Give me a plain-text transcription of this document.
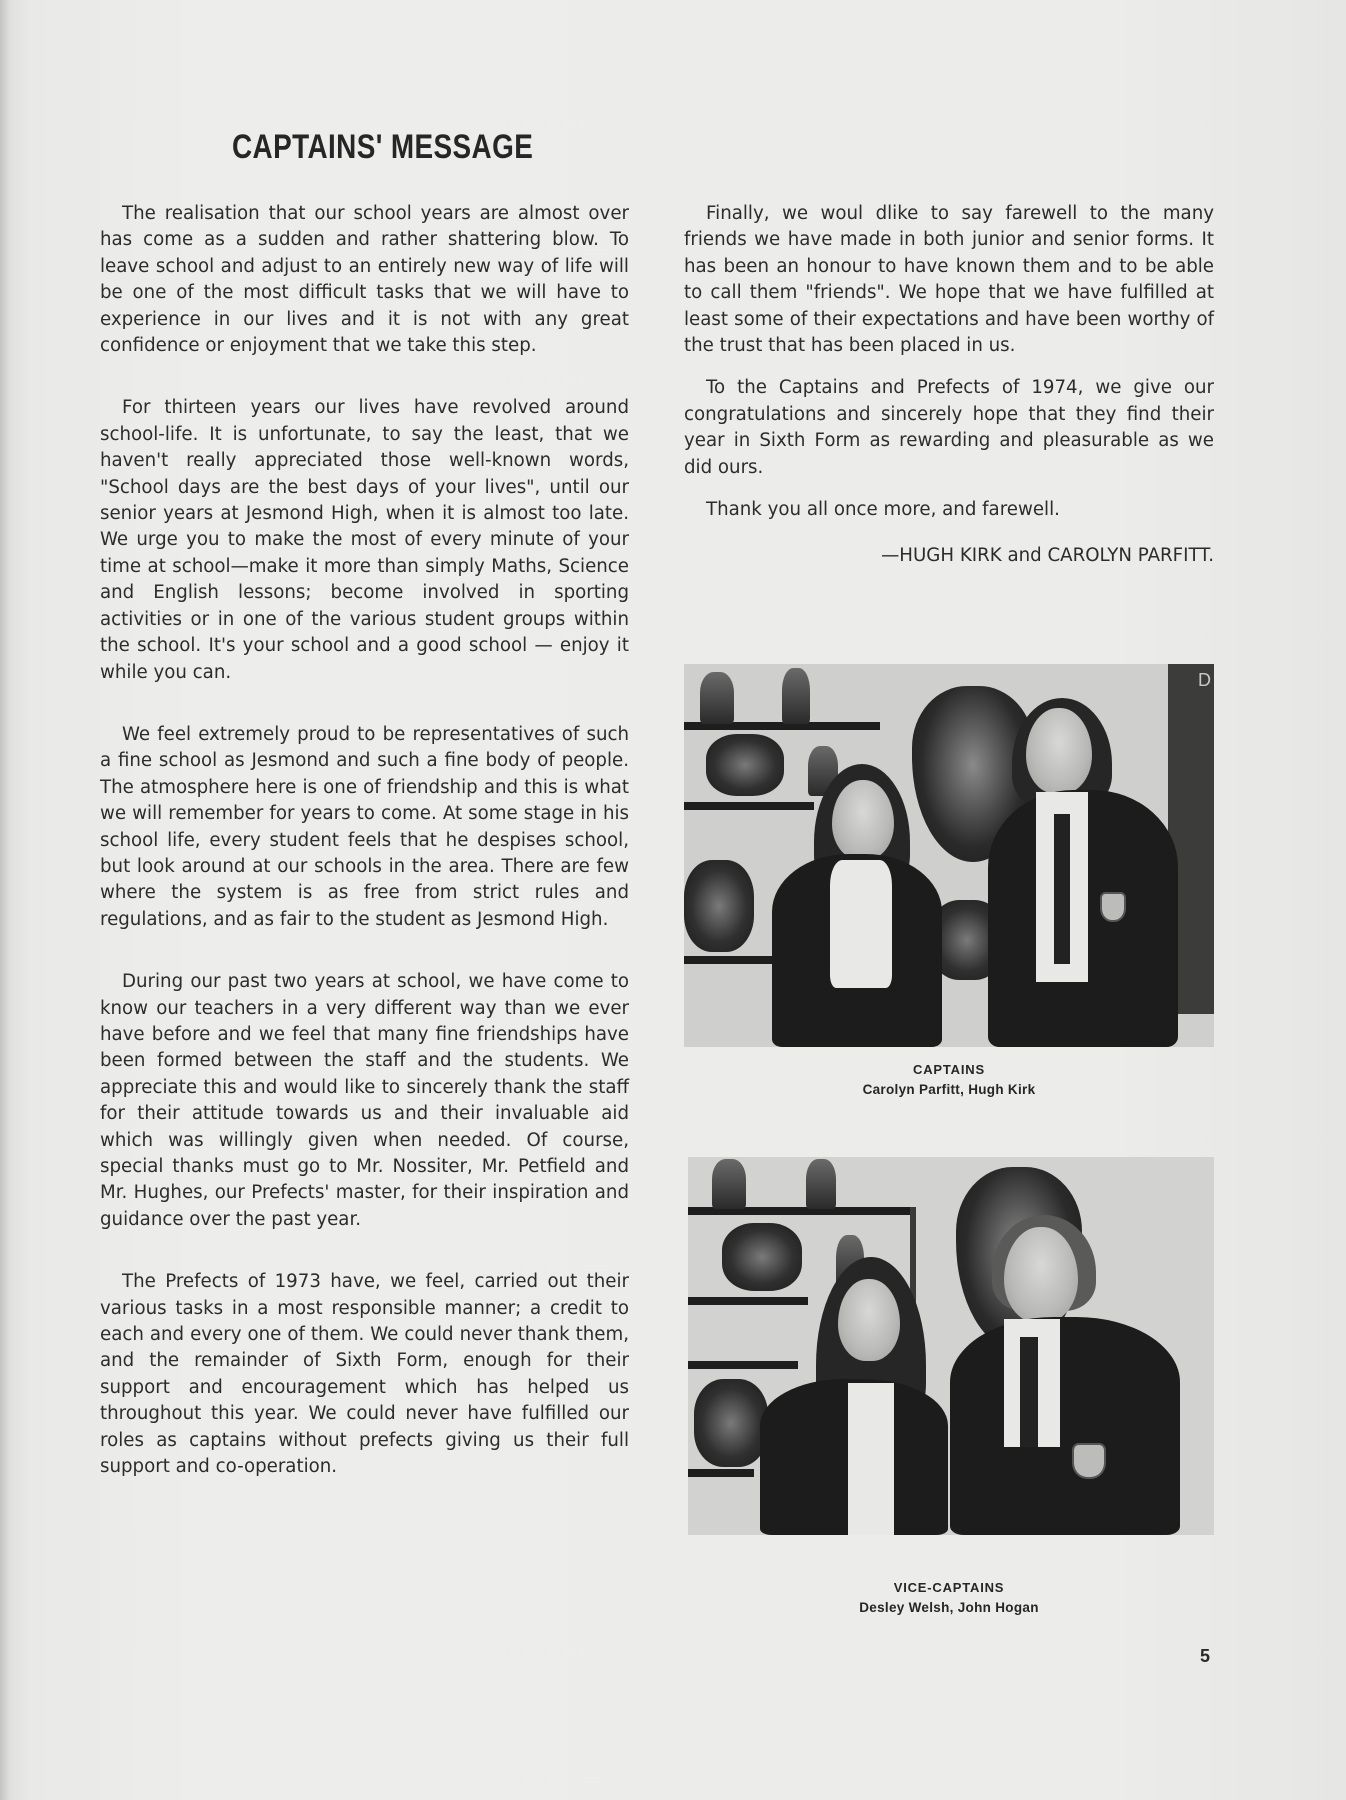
CAPTAINS' MESSAGE

The realisation that our school years are almost over has come as a sudden and rather shattering blow. To leave school and adjust to an entirely new way of life will be one of the most difficult tasks that we will have to experience in our lives and it is not with any great confidence or enjoyment that we take this step.

For thirteen years our lives have revolved around school-life. It is unfortunate, to say the least, that we haven't really appreciated those well-known words, "School days are the best days of your lives", until our senior years at Jesmond High, when it is almost too late. We urge you to make the most of every minute of your time at school—make it more than simply Maths, Science and English lessons; become involved in sporting activities or in one of the various student groups within the school. It's your school and a good school — enjoy it while you can.

We feel extremely proud to be representatives of such a fine school as Jesmond and such a fine body of people. The atmosphere here is one of friendship and this is what we will remember for years to come. At some stage in his school life, every student feels that he despises school, but look around at our schools in the area. There are few where the system is as free from strict rules and regulations, and as fair to the student as Jesmond High.

During our past two years at school, we have come to know our teachers in a very different way than we ever have before and we feel that many fine friendships have been formed between the staff and the students. We appreciate this and would like to sincerely thank the staff for their attitude towards us and their invaluable aid which was willingly given when needed. Of course, special thanks must go to Mr. Nossiter, Mr. Petfield and Mr. Hughes, our Prefects' master, for their inspiration and guidance over the past year.

The Prefects of 1973 have, we feel, carried out their various tasks in a most responsible manner; a credit to each and every one of them. We could never thank them, and the remainder of Sixth Form, enough for their support and encouragement which has helped us throughout this year. We could never have fulfilled our roles as captains without prefects giving us their full support and co-operation.

Finally, we woul dlike to say farewell to the many friends we have made in both junior and senior forms. It has been an honour to have known them and to be able to call them "friends". We hope that we have fulfilled at least some of their expectations and have been worthy of the trust that has been placed in us.

To the Captains and Prefects of 1974, we give our congratulations and sincerely hope that they find their year in Sixth Form as rewarding and pleasurable as we did ours.

Thank you all once more, and farewell.

—HUGH KIRK and CAROLYN PARFITT.

D
CAPTAINS
Carolyn Parfitt, Hugh Kirk
VICE-CAPTAINS
Desley Welsh, John Hogan
5
